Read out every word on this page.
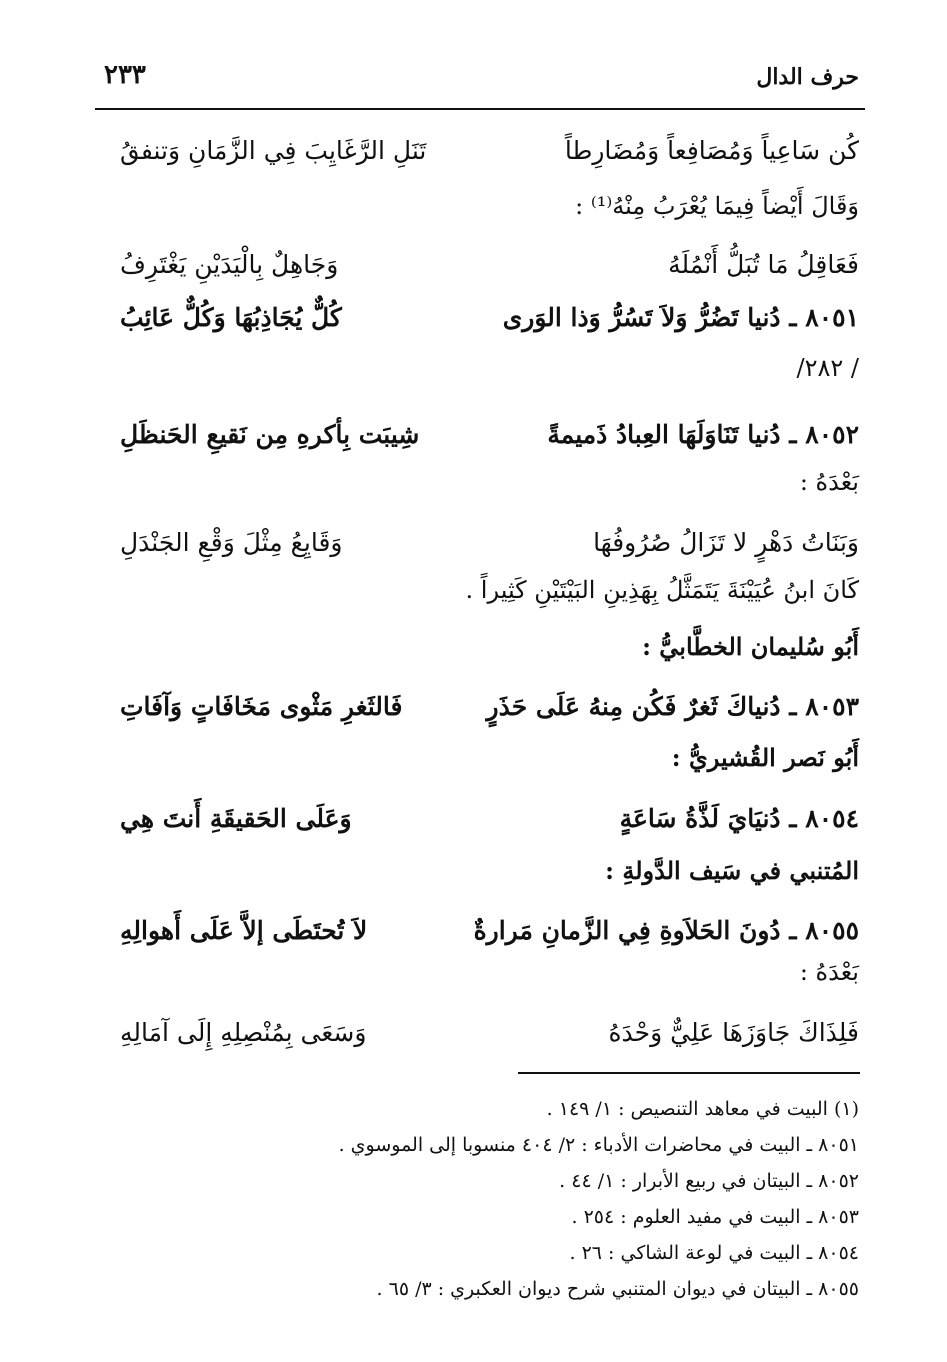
حرف الدال
٢٣٣
كُن سَاعِياً وَمُصَافِعاً وَمُضَارِطاً
تَنَلِ الرَّغَايِبَ فِي الزَّمَانِ وَتنفقُ
وَقَالَ أَيْضاً فِيمَا يُعْرَبُ مِنْهُ⁽¹⁾ :
فَعَاقِلُ مَا تُبَلُّ أَنْمُلَهُ
وَجَاهِلٌ بِالْيَدَيْنِ يَغْتَرِفُ
٨٠٥١ ـ دُنيا تَضُرُّ وَلاَ تَسُرُّ وَذا الوَرى
كُلٌّ يُجَاذِبُهَا وَكُلٌّ عَائِبُ
/ ٢٨٢/
٨٠٥٢ ـ دُنيا تَنَاوَلَهَا العِبادُ ذَميمةً
شِيبَت بِأكرهِ مِن نَقيعِ الحَنظَلِ
بَعْدَهُ :
وَبَنَاتُ دَهْرٍ لا تَزَالُ صُرُوفُهَا
وَقَايِعُ مِثْلَ وَقْعِ الجَنْدَلِ
كَانَ ابنُ عُيَيْنَةَ يَتَمَثَّلُ بِهَذِينِ البَيْتَيْنِ كَثِيراً .
أَبُو سُليمان الخطَّابيُّ :
٨٠٥٣ ـ دُنياكَ ثَغرٌ فَكُن مِنهُ عَلَى حَذَرٍ
فَالثَغرِ مَثْوى مَخَافَاتٍ وَآفَاتِ
أَبُو نَصر القُشيريُّ :
٨٠٥٤ ـ دُنيَايَ لَذَّةُ سَاعَةٍ
وَعَلَى الحَقيقَةِ أَنتَ هِي
المُتنبي في سَيف الدَّولةِ :
٨٠٥٥ ـ دُونَ الحَلاَوةِ فِي الزَّمانِ مَرارةٌ
لاَ تُحتَطَى إلاَّ عَلَى أَهوالِهِ
بَعْدَهُ :
فَلِذَاكَ جَاوَزَهَا عَلِيٌّ وَحْدَهُ
وَسَعَى بِمُنْصِلِهِ إِلَى آمَالِهِ
(١) البيت في معاهد التنصيص : ١/ ١٤٩ .
٨٠٥١ ـ البيت في محاضرات الأدباء : ٢/ ٤٠٤ منسوبا إلى الموسوي .
٨٠٥٢ ـ البيتان في ربيع الأبرار : ١/ ٤٤ .
٨٠٥٣ ـ البيت في مفيد العلوم : ٢٥٤ .
٨٠٥٤ ـ البيت في لوعة الشاكي : ٢٦ .
٨٠٥٥ ـ البيتان في ديوان المتنبي شرح ديوان العكبري : ٣/ ٦٥ .
